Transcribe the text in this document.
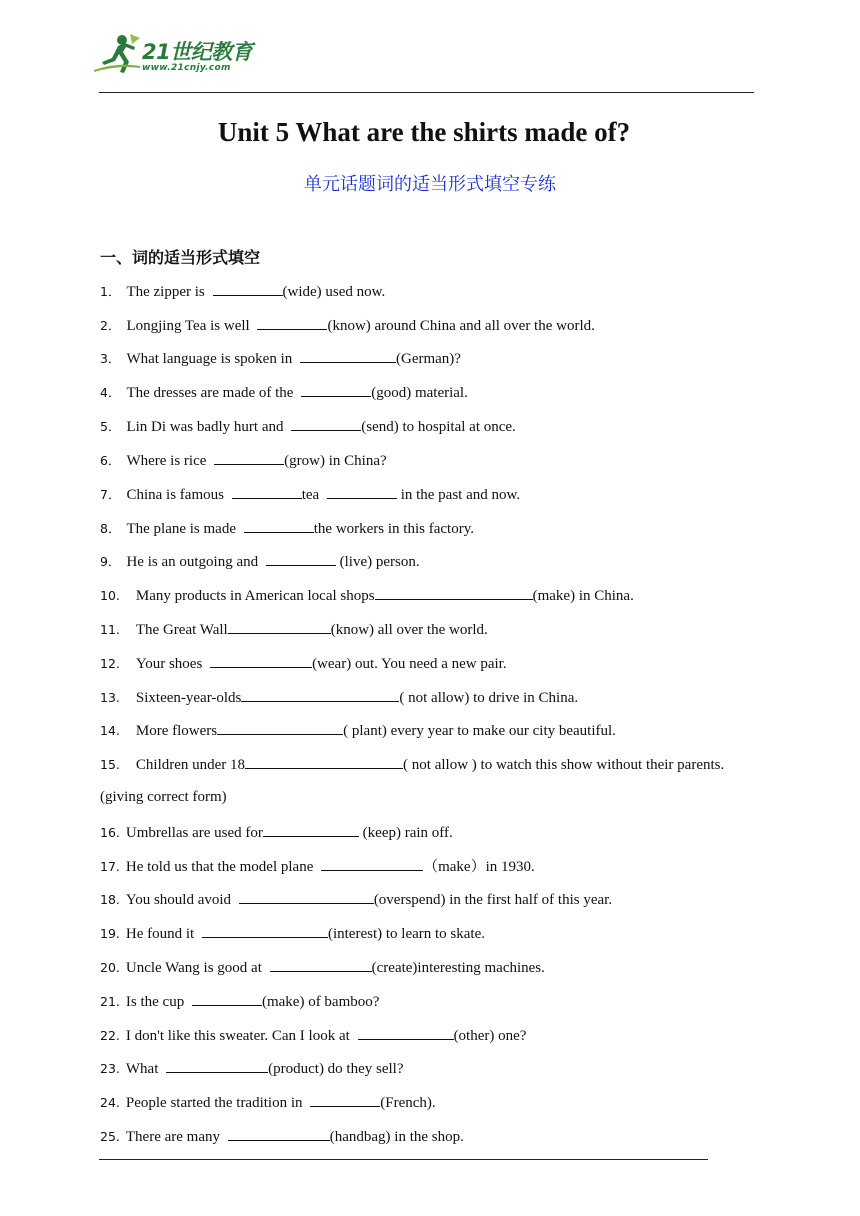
21世纪教育
www.21cnjy.com
Unit 5 What are the shirts made of?
单元话题词的适当形式填空专练
一、词的适当形式填空
1． The zipper is	(wide) used now.
2． Longjing Tea is well	(know) around China and all over the world.
3． What language is spoken in	(German)?
4． The dresses are made of the	(good) material.
5． Lin Di was badly hurt and	(send) to hospital at once.
6． Where is rice	(grow) in China?
7． China is famous	tea	in the past and now.
8． The plane is made	the workers in this factory.
9． He is an outgoing and	(live) person.
10. Many products in American local shops	(make) in China.
11. The Great Wall	(know) all over the world.
12. Your shoes	(wear) out. You need a new pair.
13. Sixteen-year-olds	( not allow) to drive in China.
14. More flowers	( plant) every year to make our city beautiful.
15. Children under 18	( not allow ) to watch this show without their parents.
(giving correct form)
16. Umbrellas are used for	(keep) rain off.
17. He told us that the model plane	（make）in 1930.
18. You should avoid	(overspend) in the first half of this year.
19. He found it	(interest) to learn to skate.
20. Uncle Wang is good at	(create)interesting machines.
21. Is the cup	(make) of bamboo?
22. I don't like this sweater. Can I look at	(other) one?
23. What	(product) do they sell?
24. People started the tradition in	(French).
25. There are many	(handbag) in the shop.
